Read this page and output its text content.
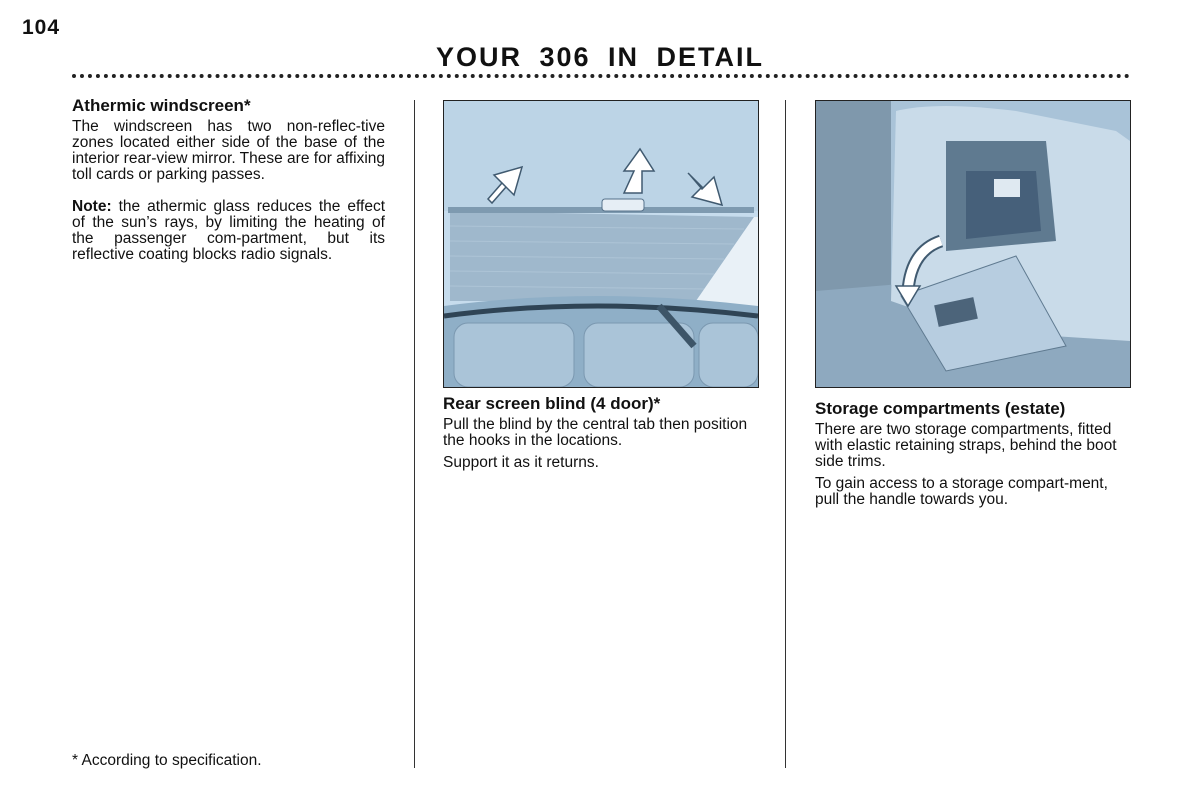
104
YOUR 306 IN DETAIL
Athermic windscreen*

The windscreen has two non-reflec-tive zones located either side of the base of the interior rear-view mirror. These are for affixing toll cards or parking passes.

Note: the athermic glass reduces the effect of the sun’s rays, by limiting the heating of the passenger com-partment, but its reflective coating blocks radio signals.

Rear screen blind (4 door)*

Pull the blind by the central tab then position the hooks in the locations.

Support it as it returns.

Storage compartments (estate)

There are two storage compartments, fitted with elastic retaining straps, behind the boot side trims.

To gain access to a storage compart-ment, pull the handle towards you.

* According to specification.
